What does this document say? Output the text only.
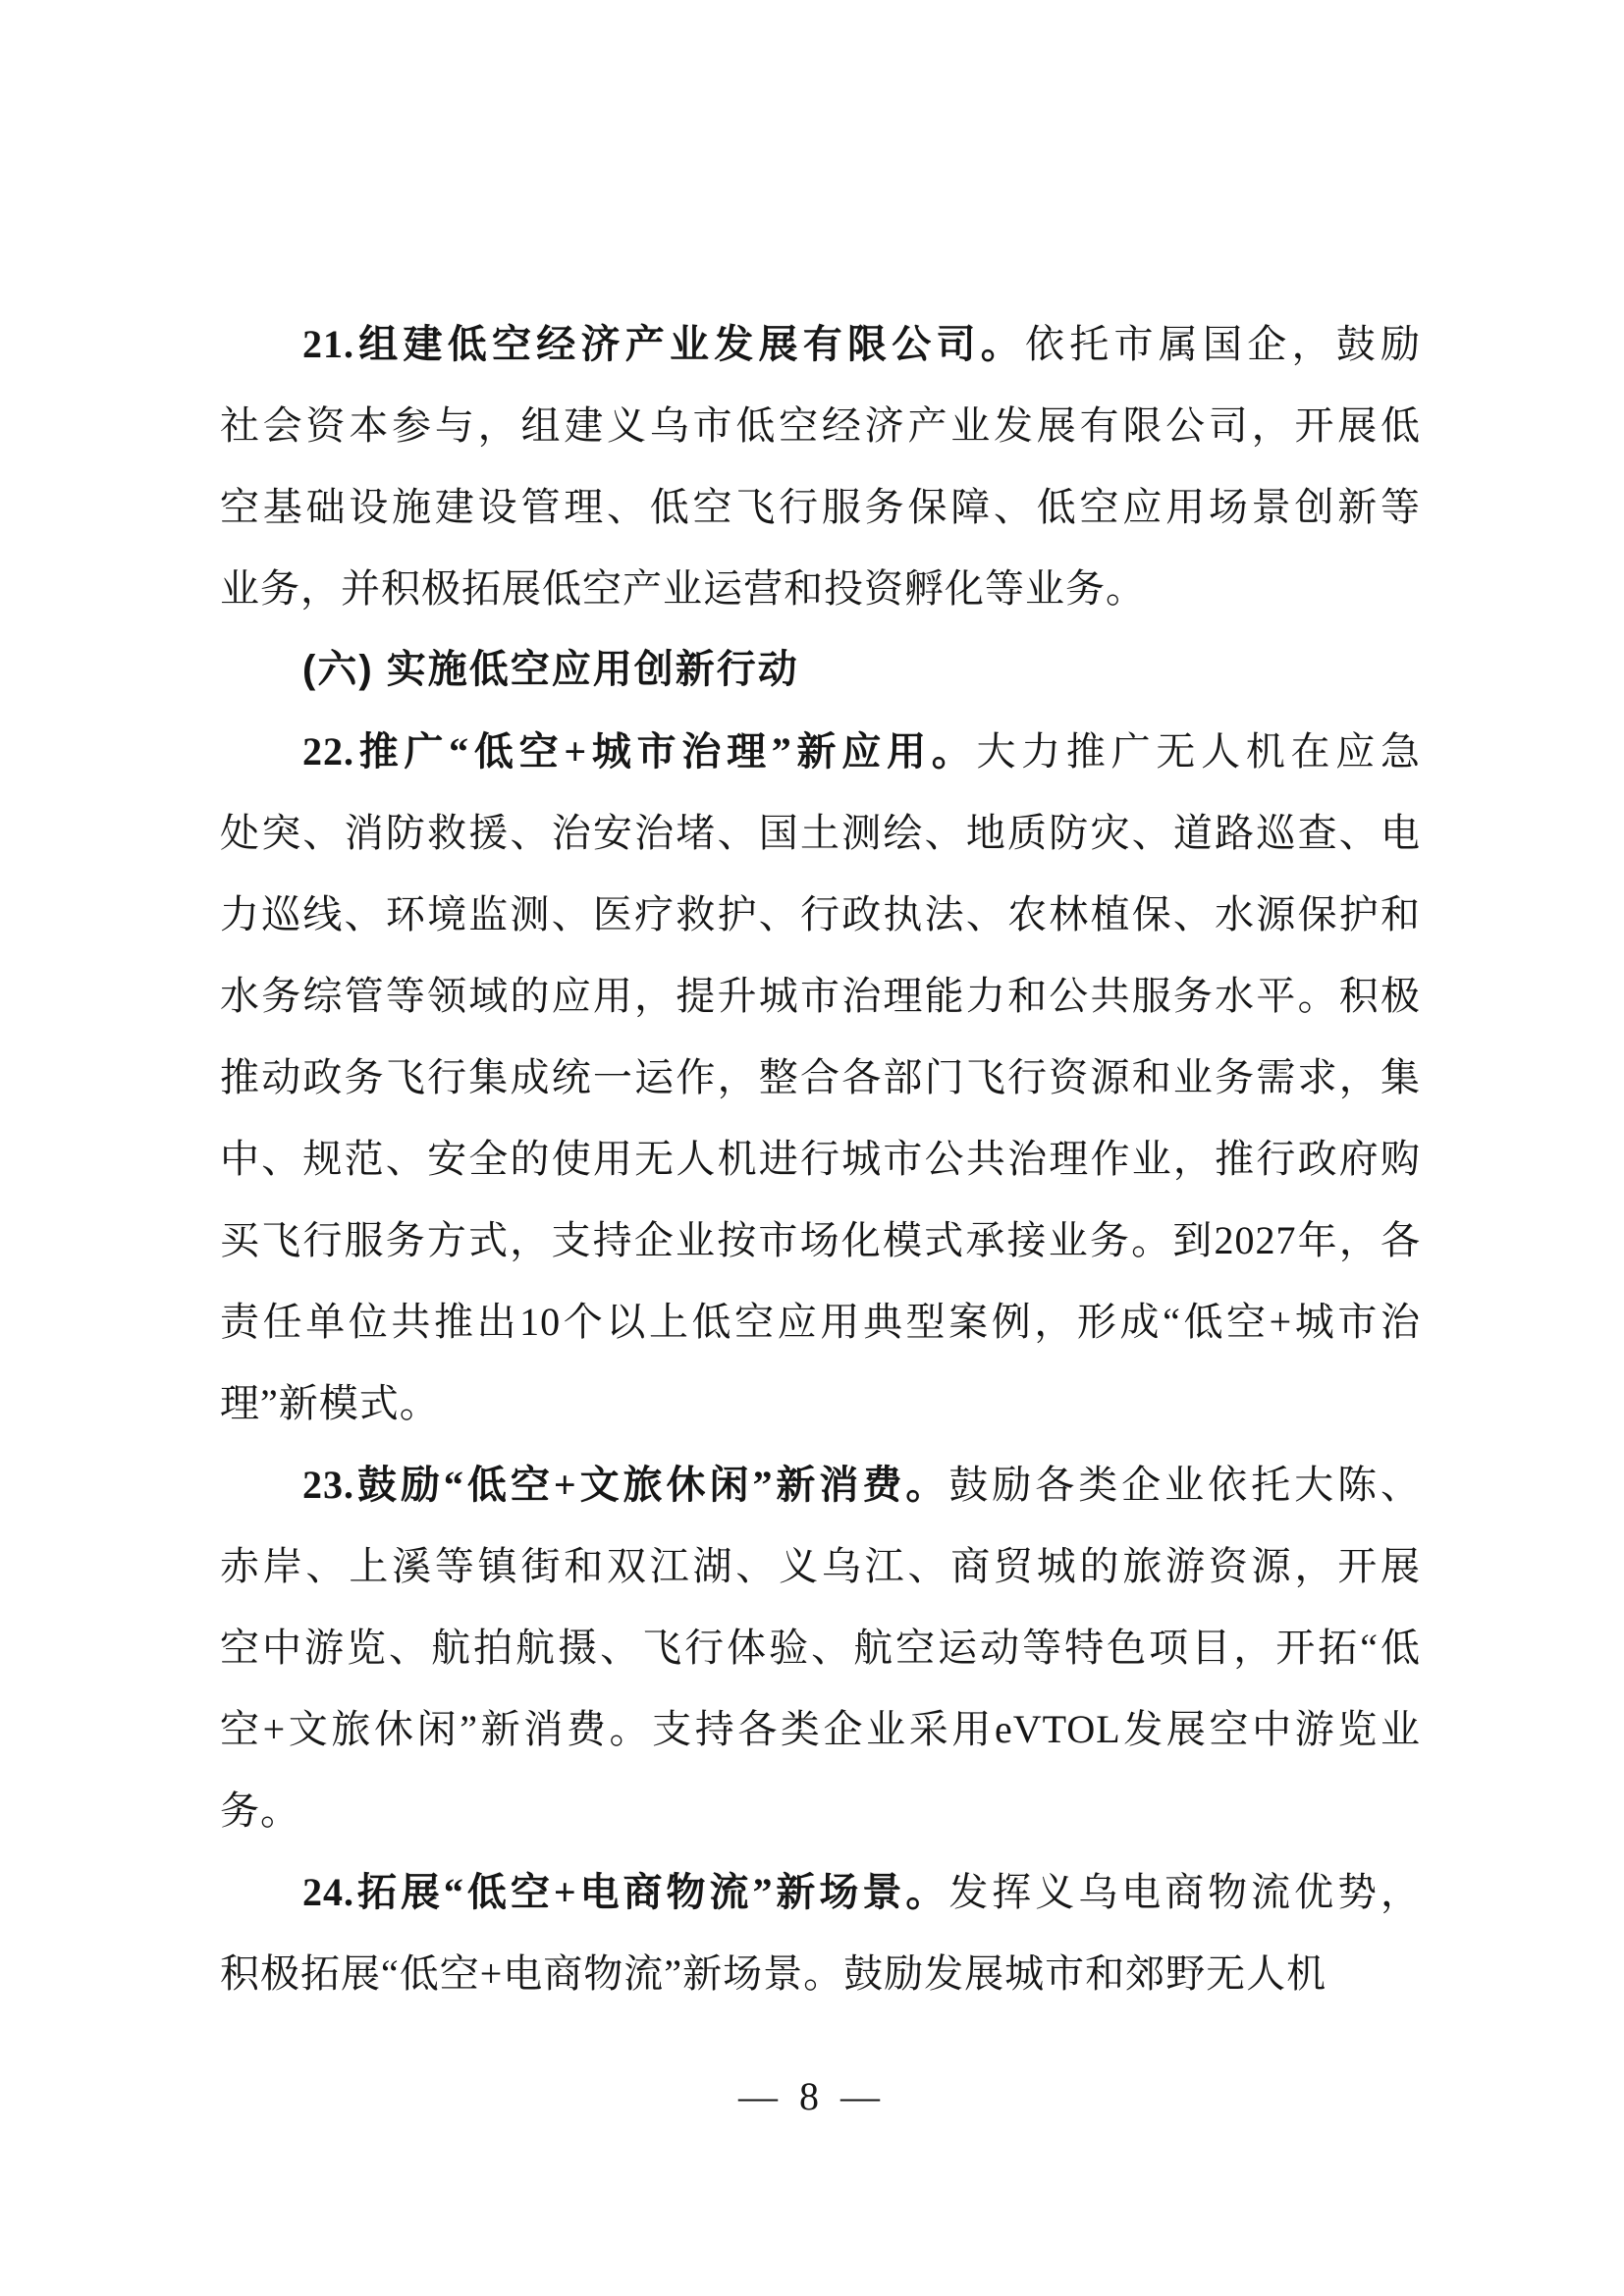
21.组建低空经济产业发展有限公司。依托市属国企，鼓励
社会资本参与，组建义乌市低空经济产业发展有限公司，开展低
空基础设施建设管理、低空飞行服务保障、低空应用场景创新等
业务，并积极拓展低空产业运营和投资孵化等业务。
(六) 实施低空应用创新行动
22.推广“低空+城市治理”新应用。大力推广无人机在应急
处突、消防救援、治安治堵、国土测绘、地质防灾、道路巡查、电
力巡线、环境监测、医疗救护、行政执法、农林植保、水源保护和
水务综管等领域的应用，提升城市治理能力和公共服务水平。积极
推动政务飞行集成统一运作，整合各部门飞行资源和业务需求，集
中、规范、安全的使用无人机进行城市公共治理作业，推行政府购
买飞行服务方式，支持企业按市场化模式承接业务。到2027年，各
责任单位共推出10个以上低空应用典型案例，形成“低空+城市治
理”新模式。
23.鼓励“低空+文旅休闲”新消费。鼓励各类企业依托大陈、
赤岸、上溪等镇街和双江湖、义乌江、商贸城的旅游资源，开展
空中游览、航拍航摄、飞行体验、航空运动等特色项目，开拓“低
空+文旅休闲”新消费。支持各类企业采用eVTOL发展空中游览业
务。
24.拓展“低空+电商物流”新场景。发挥义乌电商物流优势，
积极拓展“低空+电商物流”新场景。鼓励发展城市和郊野无人机
— 8 —
